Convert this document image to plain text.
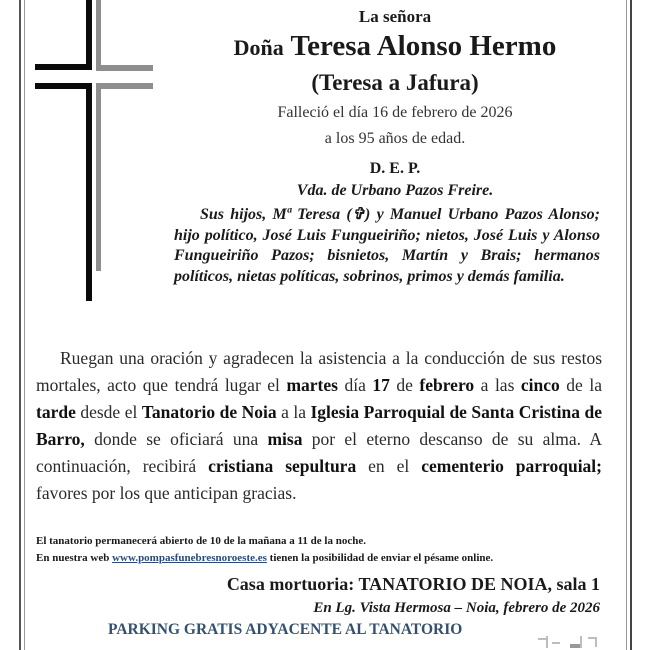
La señora
Doña Teresa Alonso Hermo
(Teresa a Jafura)
Falleció el día 16 de febrero de 2026
a los 95 años de edad.
D. E. P.
Vda. de Urbano Pazos Freire.

Sus hijos, Mª Teresa (✞) y Manuel Urbano Pazos Alonso; hijo político, José Luis Fungueiriño; nietos, José Luis y Alonso Fungueiriño Pazos; bisnietos, Martín y Brais; hermanos políticos, nietas políticas, sobrinos, primos y demás familia.

Ruegan una oración y agradecen la asistencia a la conducción de sus restos mortales, acto que tendrá lugar el martes día 17 de febrero a las cinco de la tarde desde el Tanatorio de Noia a la Iglesia Parroquial de Santa Cristina de Barro, donde se oficiará una misa por el eterno descanso de su alma. A continuación, recibirá cristiana sepultura en el cementerio parroquial; favores por los que anticipan gracias.

El tanatorio permanecerá abierto de 10 de la mañana a 11 de la noche.
En nuestra web www.pompasfunebresnoroeste.es tienen la posibilidad de enviar el pésame online.
Casa mortuoria: TANATORIO DE NOIA, sala 1
En Lg. Vista Hermosa – Noia, febrero de 2026
PARKING GRATIS ADYACENTE AL TANATORIO
